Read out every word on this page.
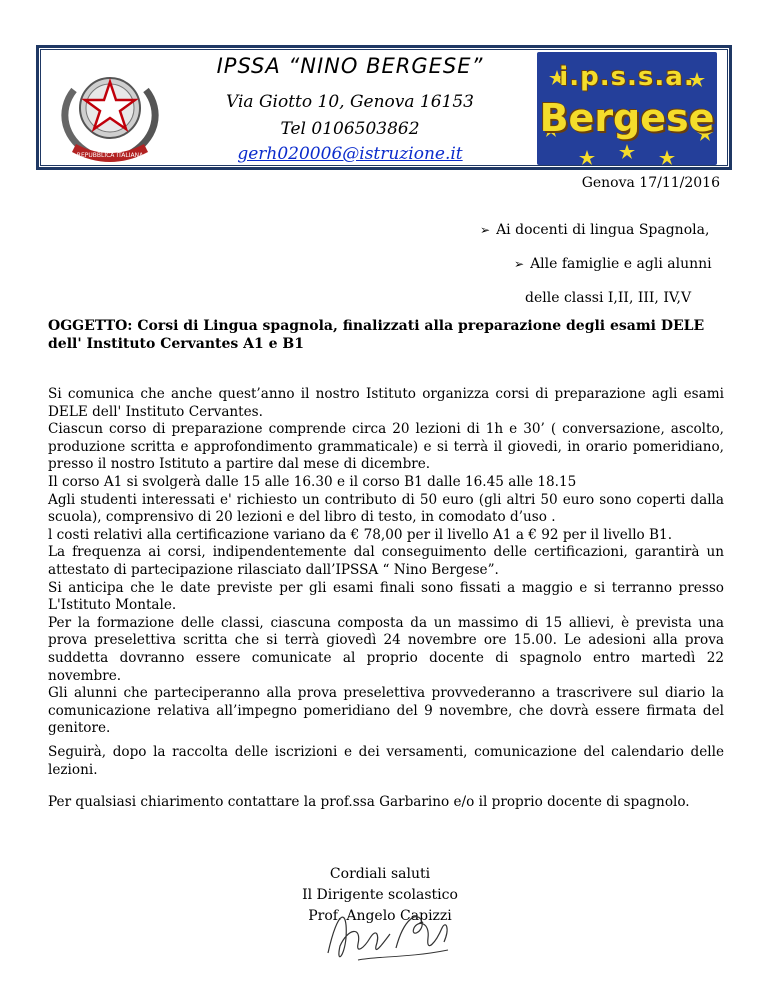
REPUBBLICA ITALIANA
IPSSA “NINO BERGESE”
Via Giotto 10, Genova 16153
Tel 0106503862
gerh020006@istruzione.it
i.p.s.s.a.
Bergese
Genova 17/11/2016
➢ Ai docenti di lingua Spagnola,
➢ Alle famiglie e agli alunni
delle classi I,II, III, IV,V
OGGETTO: Corsi di Lingua spagnola, finalizzati alla preparazione degli esami DELE dell' Instituto Cervantes A1 e B1
Si comunica che anche quest’anno il nostro Istituto organizza corsi di preparazione agli esami DELE dell' Instituto Cervantes.
Ciascun corso di preparazione comprende circa 20 lezioni di 1h e 30’ ( conversazione, ascolto, produzione scritta e approfondimento grammaticale) e si terrà il giovedi, in orario pomeridiano, presso il nostro Istituto a partire dal mese di dicembre.
Il corso A1 si svolgerà dalle 15 alle 16.30 e il corso B1 dalle 16.45 alle 18.15
Agli studenti interessati e' richiesto un contributo di 50 euro (gli altri 50 euro sono coperti dalla scuola), comprensivo di 20 lezioni e del libro di testo, in comodato d’uso .
l costi relativi alla certificazione variano da € 78,00 per il livello A1 a € 92 per il livello B1.
La frequenza ai corsi, indipendentemente dal conseguimento delle certificazioni, garantirà un attestato di partecipazione rilasciato dall’IPSSA “ Nino Bergese”.
Si anticipa che le date previste per gli esami finali sono fissati a maggio e si terranno presso L'Istituto Montale.
Per la formazione delle classi, ciascuna composta da un massimo di 15 allievi, è prevista una prova preselettiva scritta che si terrà giovedì 24 novembre ore 15.00. Le adesioni alla prova suddetta dovranno essere comunicate al proprio docente di spagnolo entro martedì 22 novembre.
Gli alunni che parteciperanno alla prova preselettiva provvederanno a trascrivere sul diario la comunicazione relativa all’impegno pomeridiano del 9 novembre, che dovrà essere firmata del genitore.
Seguirà, dopo la raccolta delle iscrizioni e dei versamenti, comunicazione del calendario delle lezioni.
Per qualsiasi chiarimento contattare la prof.ssa Garbarino e/o il proprio docente di spagnolo.
Cordiali saluti
Il Dirigente scolastico
Prof. Angelo Capizzi
